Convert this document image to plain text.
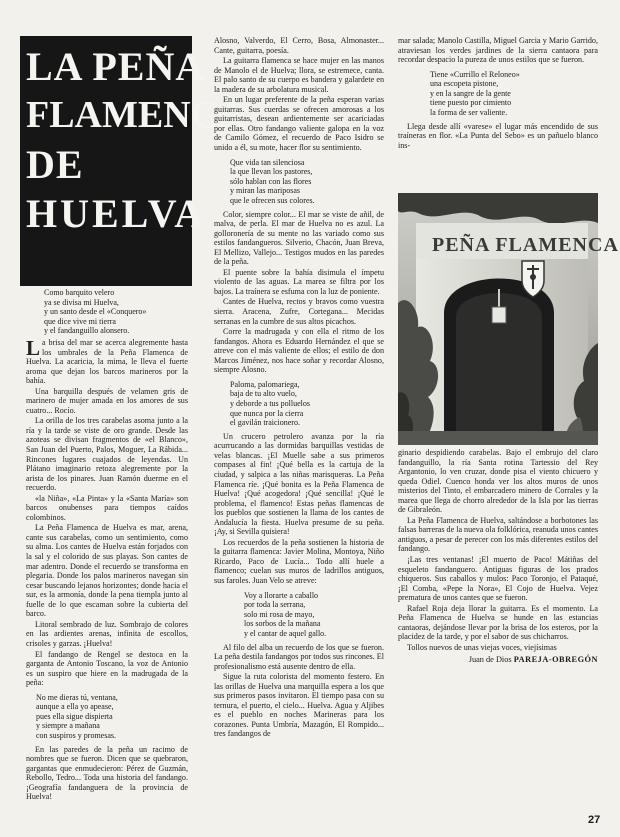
LA PEÑA
FLAMENCA
DE
HUELVA
Como barquito velero
ya se divisa mi Huelva,
y un santo desde el «Conquero»
que dice vive mi tierra
y el fandanguillo alonsero.

La brisa del mar se acerca alegremente hasta los umbrales de la Peña Flamenca de Huelva. La acaricia, la mima, le lleva el fuerte aroma que dejan los barcos marineros por la bahía.

Una barquilla después de velamen gris de marinero de mujer amada en los amores de sus cuatro... Rocío.

La orilla de los tres carabelas asoma junto a la ría y la tarde se viste de oro grande. Desde las azoteas se divisan fragmentos de «el Blanco», San Juan del Puerto, Palos, Moguer, La Rábida... Rincones lugares cuajados de leyendas. Un Plátano imaginario retoza alegremente por la arista de los pinares. Juan Ramón duerme en el recuerdo.

«la Niña», «La Pinta» y la «Santa María» son barcos onubenses para tiempos caídos colombinos.

La Peña Flamenca de Huelva es mar, arena, cante sus carabelas, como un sentimiento, como su alma. Los cantes de Huelva están forjados con la sal y el colorido de sus playas. Son cantes de mar adentro. Donde el recuerdo se transforma en plegaria. Donde los palos marineros navegan sin cesar buscando lejanos horizontes; donde hacia el sur, es la armonía, donde la pena tiempla junto al fuelle de lo que escaman sobre la cubierta del barco.

Litoral sembrado de luz. Sombrajo de colores en las ardientes arenas, infinita de escollos, crisoles y garzas. ¡Huelva!

El fandango de Rengel se destoca en la garganta de Antonio Toscano, la voz de Antonio es un suspiro que hiere en la madrugada de la peña:

No me dieras tú, ventana,
aunque a ella yo apease,
pues ella sigue dispierta
y siempre a mañana
con suspiros y promesas.

En las paredes de la peña un racimo de nombres que se fueron. Dicen que se quebraron, gargantas que enmudecieron: Pérez de Guzmán, Rebollo, Tedro... Toda una historia del fandango. ¡Geografía fandanguera de la provincia de Huelva!

Alosno, Valverdo, El Cerro, Bosa, Almonaster... Cante, guitarra, poesía.

La guitarra flamenca se hace mujer en las manos de Manolo el de Huelva; llora, se estremece, canta. El palo santo de su cuerpo es bandera y galardete en la madera de su arbolatura musical.

En un lugar preferente de la peña esperan varias guitarras. Sus cuerdas se ofrecen amorosas a los guitarristas, desean ardientemente ser acariciadas por ellas. Otro fandango valiente galopa en la voz de Camilo Gómez, el recuerdo de Paco Isidro se unido a él, su mote, hacer flor su sentimiento.

Que vida tan silenciosa
la que llevan los pastores,
sólo hablan con las flores
y miran las mariposas
que le ofrecen sus colores.

Color, siempre color... El mar se viste de añil, de malva, de perla. El mar de Huelva no es azul. La golloronería de su mente no las variado como sus estilos fandangueros. Silverio, Chacón, Juan Breva, El Mellizo, Vallejo... Testigos mudos en las paredes de la peña.

El puente sobre la bahía disimula el ímpetu violento de las aguas. La marea se filtra por los bajos. La traínera se esfuma con la luz de poniente.

Cantes de Huelva, rectos y bravos como vuestra sierra. Aracena, Zufre, Cortegana... Mecidas serranas en la cumbre de sus altos picachos.

Corre la madrugada y con ella el ritmo de los fandangos. Ahora es Eduardo Hernández el que se atreve con el más valiente de ellos; el estilo de don Marcos Jiménez, nos hace soñar y recordar Alosno, siempre Alosno.

Paloma, palomariega,
baja de tu alto vuelo,
y deborde a tus polluelos
que nunca por la cierra
el gavilán traicionero.

Un crucero petrolero avanza por la ría acurrucando a las dormidas barquillas vestidas de velas blancas. ¡El Muelle sabe a sus primeros compases al fin! ¡Qué bella es la cartuja de la ciudad, y salpica a las niñas marisqueras. La Peña Flamenca ríe. ¡Qué bonita es la Peña Flamenca de Huelva! ¡Qué acogedora! ¡Qué sencilla! ¡Qué le problema, el flamenco! Estas peñas flamencas de los pueblos que sostienen la llama de los cantes de Andalucía la fiesta. Huelva presume de su peña. ¡Ay, si Sevilla quisiera!

Los recuerdos de la peña sostienen la historia de la guitarra flamenca: Javier Molina, Montoya, Niño Ricardo, Paco de Lucía... Todo allí huele a flamenco; cuelan sus muros de ladrillos antiguos, sus faroles. Juan Velo se atreve:

Voy a llorarte a caballo
por toda la serrana,
solo mi rosa de mayo,
los sorbos de la mañana
y el cantar de aquel gallo.

Al filo del alba un recuerdo de los que se fueron. La peña destila fandangos por todos sus rincones. El profesionalismo está ausente dentro de ella.

Sigue la ruta colorista del momento festero. En las orillas de Huelva una marquilla espera a los que sus primeros pasos invitaron. El tiempo pasa con su ternura, el puerto, el cielo... Huelva. Agua y Aljibes es el pueblo en noches Marineras para los corazones. Punta Umbría, Mazagón, El Rompido... tres fandangos de

mar salada; Manolo Castilla, Miguel Garcia y Mario Garrido, atraviesan los verdes jardines de la sierra cantaora para recordar despacio la pureza de unos estilos que se fueron.

Tiene «Currillo el Reloneo»
una escopeta pistone,
y en la sangre de la gente
tiene puesto por cimiento
la forma de ser valiente.

Llega desde allí «varese» el lugar más encendido de sus traíneras en flor. «La Punta del Sebo» es un pañuelo blanco ins-

PEÑA FLAMENCA

ginario despidiendo carabelas. Bajo el embrujo del claro fandanguillo, la ría Santa rotina Tartessio del Rey Argantonio, lo ven cruzar, donde pisa el viento chicuero y queda Odiel. Cuenco honda ver los altos muros de unos misterios del Tinto, el embarcadero minero de Corrales y la marea que llega de chorro alrededor de la Isla por las tierras de Gibraleón.

La Peña Flamenca de Huelva, saltándose a borbotones las falsas barreras de la nueva ola folklórica, reanuda unos cantes antiguos, a pesar de perecer con los más diferentes estilos del fandango.

¡Las tres ventanas! ¡El muerto de Paco! Mátiñas del esqueleto fandanguero. Antiguas figuras de los prados chiqueros. Sus caballos y mulos: Paco Toronjo, el Pataqué, ¡El Comba, «Pepe la Nora», El Cojo de Huelva. Vejez prematura de unos cantes que se fueron.

Rafael Roja deja llorar la guitarra. Es el momento. La Peña Flamenca de Huelva se hunde en las estancias cantaoras, dejándose llevar por la brisa de los esteros, por la placidez de la tarde, y por el sabor de sus chicharros.

Tollos nuevos de unas viejas voces, viejísimas

Juan de Dios PAREJA-OBREGÓN
27
